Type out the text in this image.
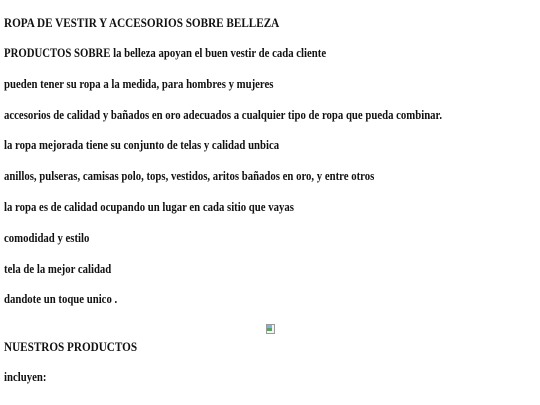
ROPA DE VESTIR Y ACCESORIOS SOBRE BELLEZA

PRODUCTOS SOBRE la belleza apoyan el buen vestir de cada cliente

pueden tener su ropa a la medida, para hombres y mujeres

accesorios de calidad y bañados en oro adecuados a cualquier tipo de ropa que pueda combinar.

la ropa mejorada tiene su conjunto de telas y calidad unbica

anillos, pulseras, camisas polo, tops, vestidos, aritos bañados en oro, y entre otros

la ropa es de calidad ocupando un lugar en cada sitio que vayas

comodidad y estilo

tela de la mejor calidad

dandote un toque unico .

NUESTROS PRODUCTOS

incluyen:
